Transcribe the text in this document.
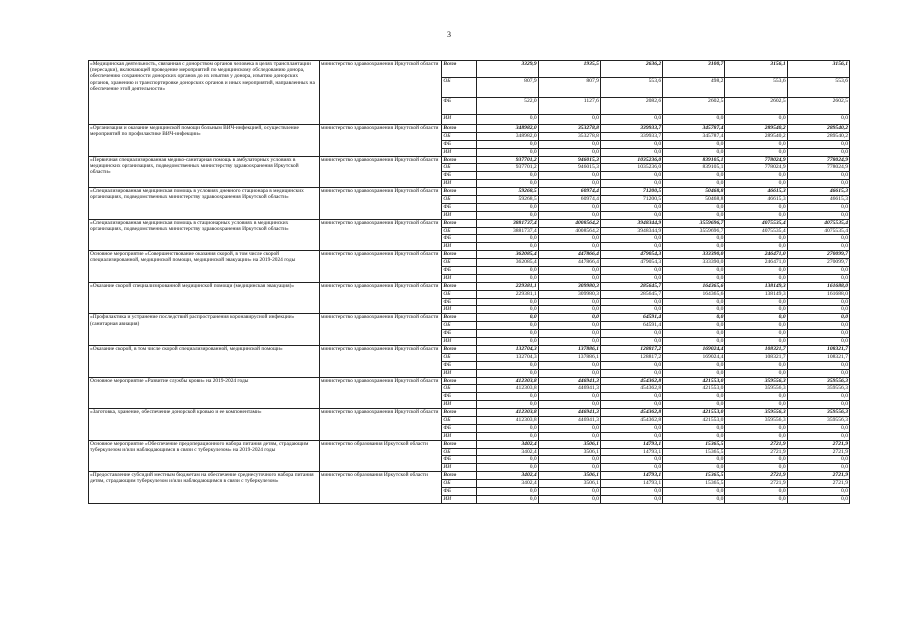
3
«Медицинская деятельность, связанная с донорством органов человека в целях трансплантации (пересадки), включающей проведение мероприятий по медицинскому обследованию донора, обеспечению сохранности донорских органов до их изъятия у донора, изъятию донорских органов, хранению и транспортировке донорских органов и иных мероприятий, направленных на обеспечение этой деятельности»	министерство здравоохранения Иркутской области	Всего	3329,9	1935,5	2636,2	3100,7	3156,1	3156,1
		ОБ	807,9	807,9	553,6	498,2	553,6	553,6
		ФБ	522,0	1127,6	2082,6	2602,5	2602,5	2602,5
		ИИ	0,0	0,0	0,0	0,0	0,0	0,0
«Организация и оказание медицинской помощи больным ВИЧ-инфекцией, осуществление мероприятий по профилактике ВИЧ-инфекции»	министерство здравоохранения Иркутской области	Всего	348982,0	353278,8	339933,7	345787,4	289540,2	289540,2
		ОБ	348982,0	353278,8	339933,7	345787,4	289540,2	289540,2
		ФБ	0,0	0,0	0,0	0,0	0,0	0,0
		ИИ	0,0	0,0	0,0	0,0	0,0	0,0
«Первичная специализированная медико-санитарная помощь в амбулаторных условиях в медицинских организациях, подведомственных министерству здравоохранения Иркутской области»	министерство здравоохранения Иркутской области	Всего	937701,2	946015,3	1035236,0	839105,1	778024,9	778024,9
		ОБ	937701,2	946015,3	1035236,0	839105,1	778024,9	778024,9
		ФБ	0,0	0,0	0,0	0,0	0,0	0,0
		ИИ	0,0	0,0	0,0	0,0	0,0	0,0
«Специализированная медицинская помощь в условиях дневного стационара в медицинских организациях, подведомственных министерству здравоохранения Иркутской области»	министерство здравоохранения Иркутской области	Всего	59268,5	60974,4	71200,5	50468,8	46615,3	46615,3
		ОБ	59268,5	60974,4	71200,5	50468,8	46615,3	46615,3
		ФБ	0,0	0,0	0,0	0,0	0,0	0,0
		ИИ	0,0	0,0	0,0	0,0	0,0	0,0
«Специализированная медицинская помощь в стационарных условиях в медицинских организациях, подведомственных министерству здравоохранения Иркутской области»	министерство здравоохранения Иркутской области	Всего	3881737,4	4008564,2	3948344,9	3559696,7	4075535,4	4075535,4
		ОБ	3881737,4	4008564,2	3948344,9	3559696,7	4075535,4	4075535,4
		ФБ	0,0	0,0	0,0	0,0	0,0	0,0
		ИИ	0,0	0,0	0,0	0,0	0,0	0,0
Основное мероприятие «Совершенствование оказания скорой, в том числе скорой специализированной, медицинской помощи, медицинской эвакуации» на 2019-2024 годы	министерство здравоохранения Иркутской области	Всего	362085,4	447866,4	479054,3	333390,0	246471,0	270099,7
		ОБ	362085,4	447866,4	479054,3	333390,0	246471,0	270099,7
		ФБ	0,0	0,0	0,0	0,0	0,0	0,0
		ИИ	0,0	0,0	0,0	0,0	0,0	0,0
«Оказание скорой специализированной медицинской помощи (медицинская эвакуация)»	министерство здравоохранения Иркутской области	Всего	229381,1	309980,3	285645,7	164365,6	138149,3	161688,0
		ОБ	229381,1	309980,3	285645,7	164365,6	138149,3	161688,0
		ФБ	0,0	0,0	0,0	0,0	0,0	0,0
		ИИ	0,0	0,0	0,0	0,0	0,0	0,0
«Профилактика и устранение последствий распространения коронавирусной инфекции» (санитарная авиация)	министерство здравоохранения Иркутской области	Всего	0,0	0,0	64591,4	0,0	0,0	0,0
		ОБ	0,0	0,0	64591,4	0,0	0,0	0,0
		ФБ	0,0	0,0	0,0	0,0	0,0	0,0
		ИИ	0,0	0,0	0,0	0,0	0,0	0,0
«Оказание скорой, в том числе скорой специализированной, медицинской помощи»	министерство здравоохранения Иркутской области	Всего	132704,3	137886,1	128817,2	169024,4	108321,7	108321,7
		ОБ	132704,3	137886,1	128817,2	169024,4	108321,7	108321,7
		ФБ	0,0	0,0	0,0	0,0	0,0	0,0
		ИИ	0,0	0,0	0,0	0,0	0,0	0,0
Основное мероприятие «Развитие службы крови» на 2019-2024 годы	министерство здравоохранения Иркутской области	Всего	412303,8	446941,3	454362,8	421553,0	359556,3	359556,3
		ОБ	412303,8	446941,3	454362,8	421553,0	359556,3	359556,3
		ФБ	0,0	0,0	0,0	0,0	0,0	0,0
		ИИ	0,0	0,0	0,0	0,0	0,0	0,0
«Заготовка, хранение, обеспечение донорской кровью и ее компонентами»	министерство здравоохранения Иркутской области	Всего	412303,8	446941,3	454362,8	421553,0	359556,3	359556,3
		ОБ	412303,8	446941,3	454362,8	421553,0	359556,3	359556,3
		ФБ	0,0	0,0	0,0	0,0	0,0	0,0
		ИИ	0,0	0,0	0,0	0,0	0,0	0,0
Основное мероприятие «Обеспечение предоперационного набора питания детям, страдающим туберкулезом и/или наблюдающимся в связи с туберкулезом» на 2019-2024 годы	министерство образования Иркутской области	Всего	3402,4	3506,1	14793,1	15365,5	2721,9	2721,9
		ОБ	3402,4	3506,1	14793,1	15365,5	2721,9	2721,9
		ФБ	0,0	0,0	0,0	0,0	0,0	0,0
		ИИ	0,0	0,0	0,0	0,0	0,0	0,0
«Предоставление субсидий местным бюджетам на обеспечение среднесуточного набора питания детям, страдающим туберкулезом и/или наблюдающимся в связи с туберкулезом»	министерство образования Иркутской области	Всего	3402,4	3506,1	14793,1	15365,5	2721,9	2721,9
		ОБ	3402,4	3506,1	14793,1	15365,5	2721,9	2721,9
		ФБ	0,0	0,0	0,0	0,0	0,0	0,0
		ИИ	0,0	0,0	0,0	0,0	0,0	0,0
